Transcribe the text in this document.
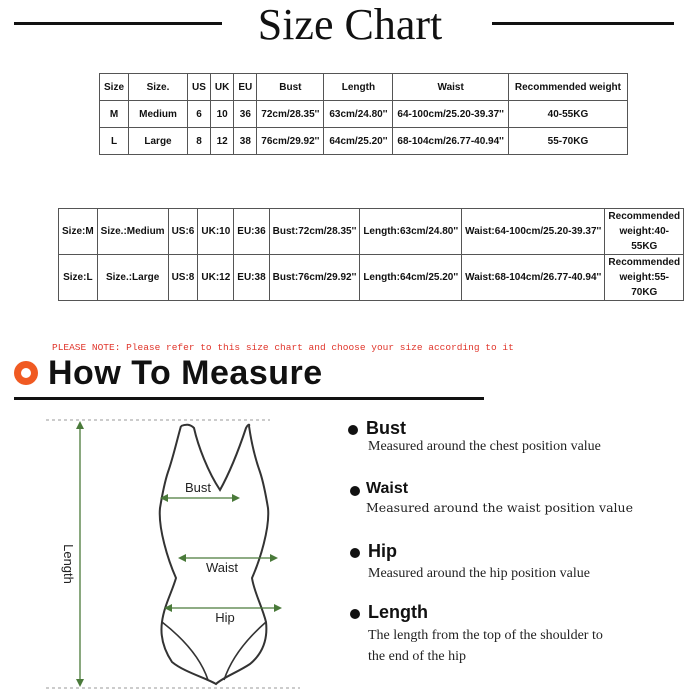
Size Chart
Size	Size.	US	UK	EU	Bust	Length	Waist	Recommended weight
M	Medium	6	10	36	72cm/28.35''	63cm/24.80''	64-100cm/25.20-39.37''	40-55KG
L	Large	8	12	38	76cm/29.92''	64cm/25.20''	68-104cm/26.77-40.94''	55-70KG
Size:M	Size.:Medium	US:6	UK:10	EU:36	Bust:72cm/28.35''	Length:63cm/24.80''	Waist:64-100cm/25.20-39.37''	Recommended weight:40-55KG
Size:L	Size.:Large	US:8	UK:12	EU:38	Bust:76cm/29.92''	Length:64cm/25.20''	Waist:68-104cm/26.77-40.94''	Recommended weight:55-70KG
PLEASE NOTE: Please refer to this size chart and choose your size according to it
How To Measure
Length
Bust
Waist
Hip
Bust
Measured around the chest position value
Waist
Measured around the waist position value
Hip
Measured around the hip position value
Length
The length from the top of the shoulder to
the end of the hip
